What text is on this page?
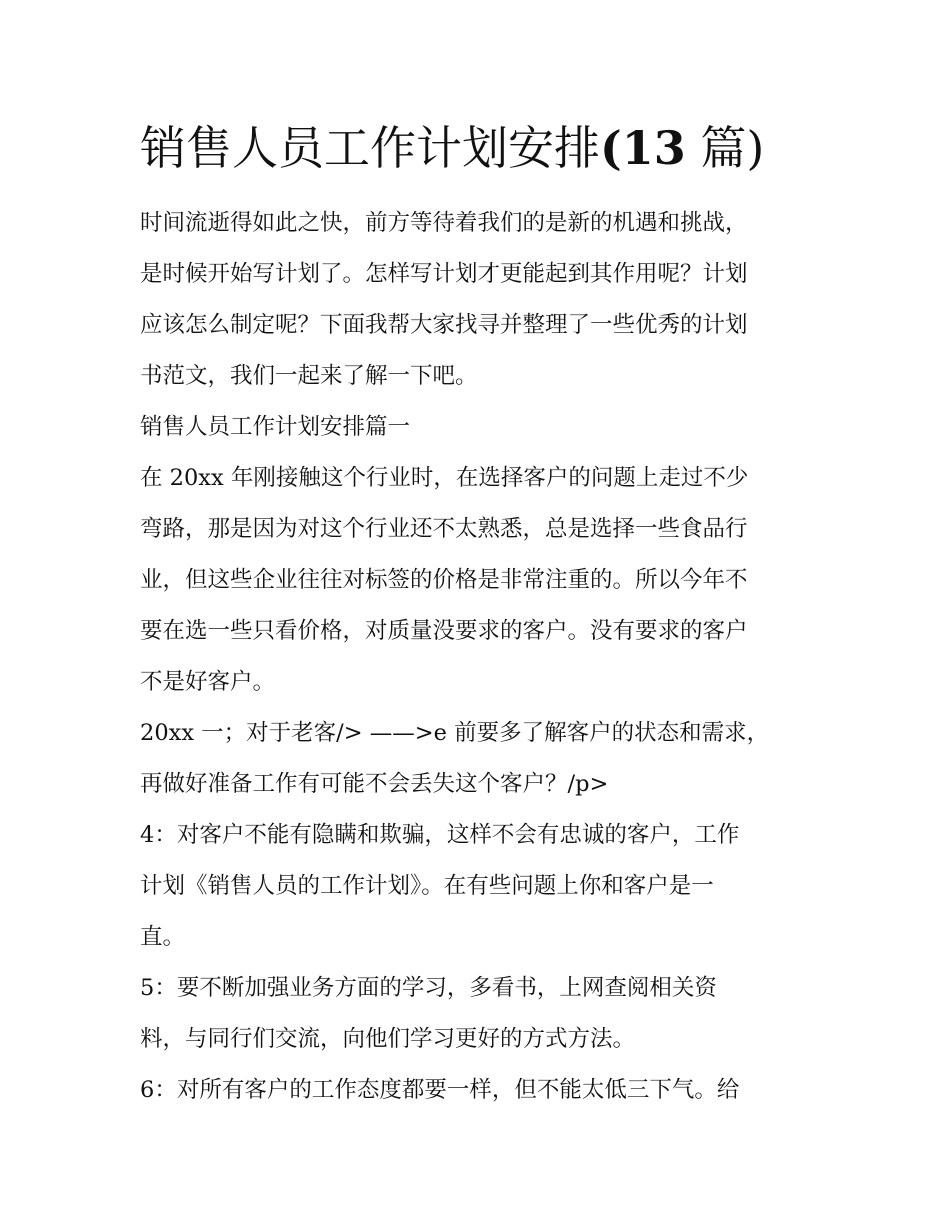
销售人员工作计划安排(13 篇)
时间流逝得如此之快，前方等待着我们的是新的机遇和挑战，
是时候开始写计划了。怎样写计划才更能起到其作用呢？计划
应该怎么制定呢？下面我帮大家找寻并整理了一些优秀的计划
书范文，我们一起来了解一下吧。
销售人员工作计划安排篇一
在 20xx 年刚接触这个行业时，在选择客户的问题上走过不少
弯路，那是因为对这个行业还不太熟悉，总是选择一些食品行
业，但这些企业往往对标签的价格是非常注重的。所以今年不
要在选一些只看价格，对质量没要求的客户。没有要求的客户
不是好客户。
20xx 一；对于老客/> ——>e 前要多了解客户的状态和需求，
再做好准备工作有可能不会丢失这个客户？/p>
4：对客户不能有隐瞒和欺骗，这样不会有忠诚的客户，工作
计划《销售人员的工作计划》。在有些问题上你和客户是一
直。
5：要不断加强业务方面的学习，多看书，上网查阅相关资
料，与同行们交流，向他们学习更好的方式方法。
6：对所有客户的工作态度都要一样，但不能太低三下气。给
